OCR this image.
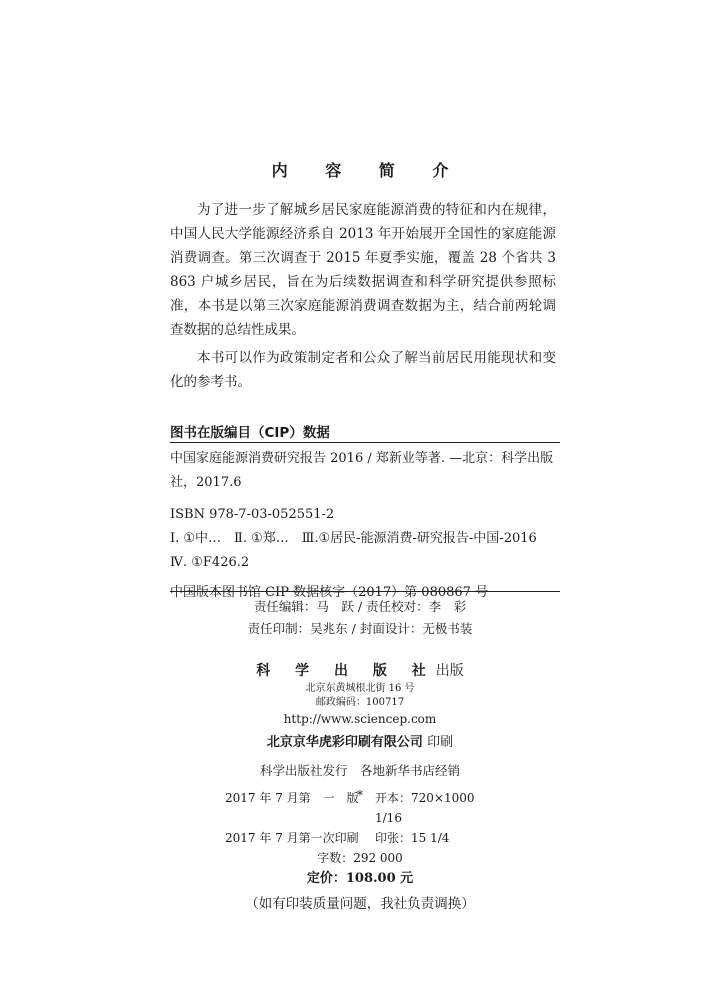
内 容 简 介

为了进一步了解城乡居民家庭能源消费的特征和内在规律，中国人民大学能源经济系自 2013 年开始展开全国性的家庭能源消费调查。第三次调查于 2015 年夏季实施，覆盖 28 个省共 3 863 户城乡居民，旨在为后续数据调查和科学研究提供参照标准，本书是以第三次家庭能源消费调查数据为主，结合前两轮调查数据的总结性成果。

本书可以作为政策制定者和公众了解当前居民用能现状和变化的参考书。

图书在版编目（CIP）数据

中国家庭能源消费研究报告 2016 / 郑新业等著. —北京：科学出版社，2017.6

ISBN 978-7-03-052551-2

Ⅰ. ①中…　Ⅱ. ①郑…　Ⅲ.①居民-能源消费-研究报告-中国-2016　Ⅳ. ①F426.2

中国版本图书馆 CIP 数据核字（2017）第 080867 号

责任编辑：马　跃 / 责任校对：李　彩
责任印制：吴兆东 / 封面设计：无极书装
科 学 出 版 社出版
北京东黄城根北街 16 号
邮政编码：100717
http://www.sciencep.com
北京京华虎彩印刷有限公司 印刷
科学出版社发行　各地新华书店经销
*
2017 年 7 月第　一　版	开本：720×1000　1/16
2017 年 7 月第一次印刷	印张：15 1/4
字数：292 000
定价：108.00 元
（如有印装质量问题，我社负责调换）
